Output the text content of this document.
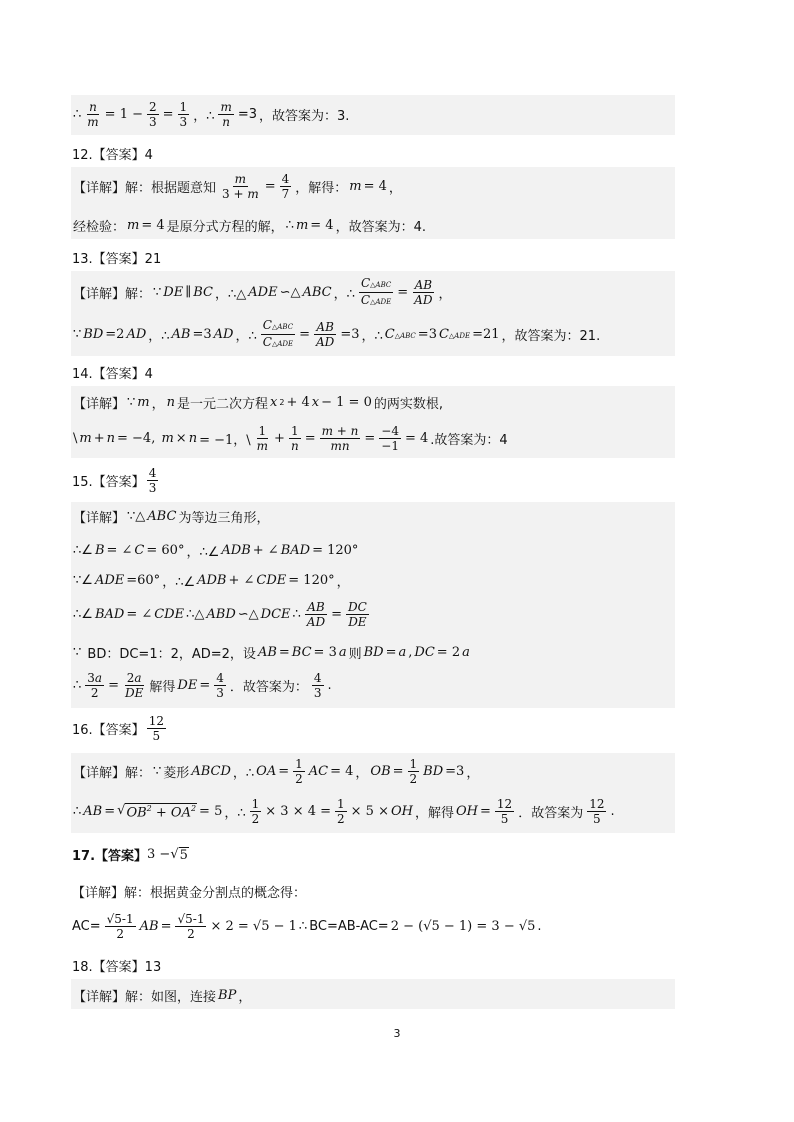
∴ $\frac{n}{m} = 1 - \frac{2}{3} = \frac{1}{3}$ ，∴ $\frac{m}{n} =3$ ，故答案为：3.
12.【答案】4
【详解】解：根据题意知 $\frac{m}{3 + m} = \frac{4}{7}$ ，解得： m = 4 ，
经检验： m = 4 是原分式方程的解， ∴ m = 4 ，故答案为：4.
13.【答案】21
【详解】解： ∵ DE ∥ BC ，∴△ ADE ∽△ ABC ，∴ $\frac{\text{C△ABC}}{\text{C△ADE}} = \frac{AB}{AD}$ ，
∵ BD =2 AD ，∴ AB =3 AD ，∴ $\frac{\text{C△ABC}}{\text{C△ADE}} = \frac{AB}{AD} =3$ ，∴ C△ABC =3 C△ADE =21 ，故答案为：21.
14.【答案】4
【详解】 ∵ m ， n 是一元二次方程 x 2 + 4 x − 1 = 0 的两实数根,
\ m + n = −4, m × n = −1，\ $\frac{1}{m} + \frac{1}{n} = \frac{m + n}{mn} = \frac{-4}{-1} = 4$ .故答案为：4
15.【答案】 $\frac{4}{3}$
【详解】 ∵△ ABC 为等边三角形，
∴∠ B = ∠ C = 60° ，∴∠ ADB + ∠ BAD = 120°
∵∠ ADE =60° ，∴∠ ADB + ∠ CDE = 120° ，
∴∠ BAD = ∠ CDE ∴△ ABD ∽△ DCE ∴ $\frac{AB}{AD} = \frac{DC}{DE}$
∵ BD：DC=1：2，AD=2，设 AB = BC = 3 a 则 BD = a , DC = 2 a
∴ $\frac{3a}{2} = \frac{2a}{DE}$ 解得 DE = $\frac{4}{3}$ ．故答案为： $\frac{4}{3}$ .
16.【答案】 $\frac{12}{5}$
【详解】解： ∵ 菱形 ABCD ，∴ OA = $\frac{1}{2}$ AC = 4 ， OB = $\frac{1}{2}$ BD =3 ，
∴ AB = √ $OB^2 + OA^2 = 5$ ，∴ $\frac{1}{2} \times 3 \times 4 = \frac{1}{2} \times 5$ × OH ，解得 OH = $\frac{12}{5}$ ．故答案为 $\frac{12}{5}$ .
17.【答案】 3 − √ 5
【详解】解：根据黄金分割点的概念得：
$AC= \frac{√5-1}{2}$ AB = $\frac{√5-1}{2} \times 2 = √5 - 1$ ∴ BC=AB-AC= 2 − (√5 − 1) = 3 − √5 .
18.【答案】13
【详解】解：如图，连接 BP ，
3
